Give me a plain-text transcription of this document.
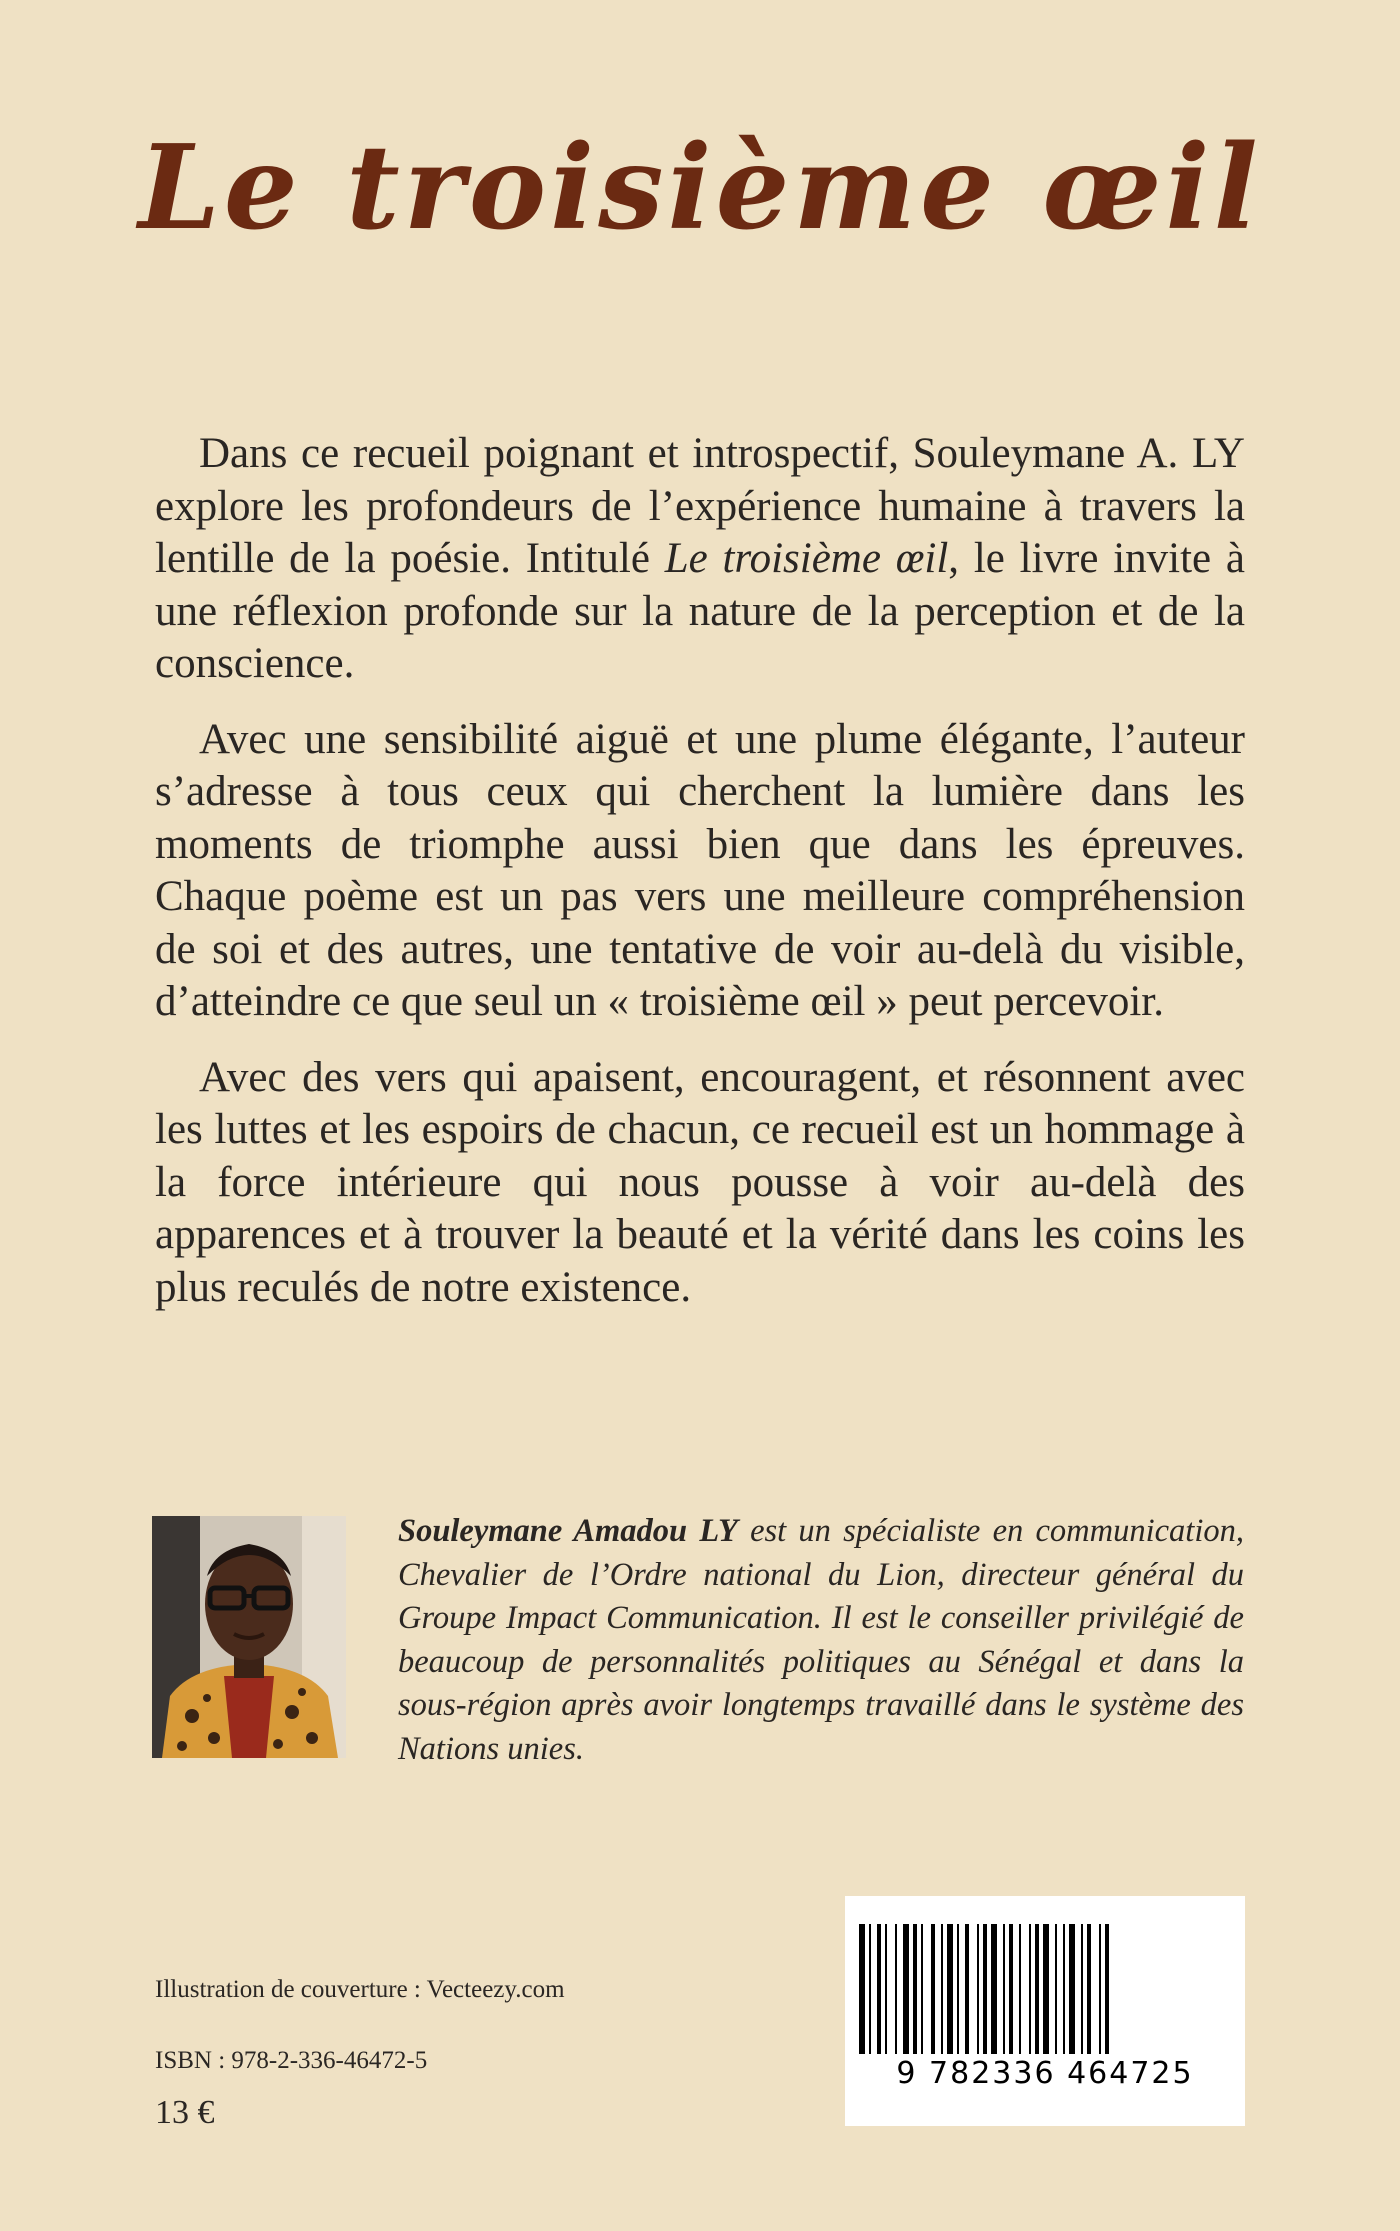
Le troisième œil

Dans ce recueil poignant et introspectif, Souleymane A. LY explore les profondeurs de l’expérience humaine à travers la lentille de la poésie. Intitulé Le troisième œil, le livre invite à une réflexion profonde sur la nature de la perception et de la conscience.

Avec une sensibilité aiguë et une plume élégante, l’auteur s’adresse à tous ceux qui cherchent la lumière dans les moments de triomphe aussi bien que dans les épreuves. Chaque poème est un pas vers une meilleure compréhension de soi et des autres, une tentative de voir au-delà du visible, d’atteindre ce que seul un « troisième œil » peut percevoir.

Avec des vers qui apaisent, encouragent, et résonnent avec les luttes et les espoirs de chacun, ce recueil est un hommage à la force intérieure qui nous pousse à voir au-delà des apparences et à trouver la beauté et la vérité dans les coins les plus reculés de notre existence.

Souleymane Amadou LY est un spécialiste en communication, Chevalier de l’Ordre national du Lion, directeur général du Groupe Impact Communication. Il est le conseiller privilégié de beaucoup de personnalités politiques au Sénégal et dans la sous-région après avoir longtemps travaillé dans le système des Nations unies.
Illustration de couverture : Vecteezy.com
ISBN : 978-2-336-46472-5
13 €
9 782336 464725
